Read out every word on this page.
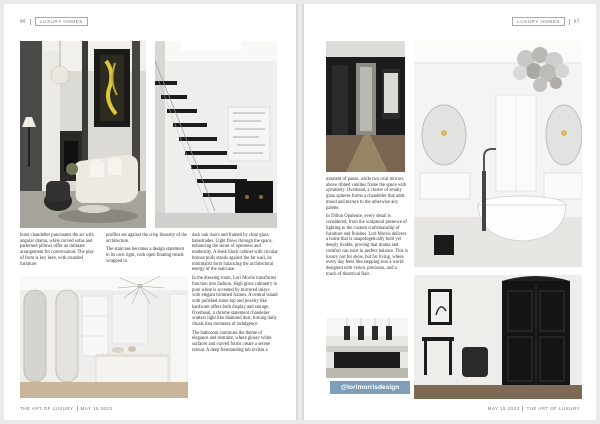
96	LUXURY HOMES

burst chandelier punctuates the air with angular drama, while curved sofas and patterned pillows offer an intimate arrangement for conversation. The play of form is key here, with rounded furniture

profiles set against the crisp linearity of the architecture.

The staircase becomes a design statement in its own right, with open floating treads wrapped in

dark oak risers and framed by clear glass balustrades. Light flows through the space, enhancing the sense of openness and modernity. A sleek black cabinet with circular bronze pulls stands against the far wall, its minimalist form balancing the architectural energy of the staircase.

In the dressing room, Lori Morris transforms function into fashion. High gloss cabinetry in pure white is accented by mirrored inlays with elegant trimmed frames. A central island with polished stone top and jewelry like hardware offers both display and storage. Overhead, a chrome statement chandelier scatters light like diamond dust, turning daily rituals into moments of indulgence.

The bathroom continues the theme of elegance and restraint, where glossy white surfaces and curved forms create a serene retreat. A deep freestanding tub invites a

THE ART OF LUXURY MAY 15 2023
LUXURY HOMES	97

moment of pause, while two oval mirrors above ribbed vanities frame the space with symmetry. Overhead, a cluster of smoky glass spheres forms a chandelier that adds mood and texture to the otherwise airy palette.

In Dillon Opulence, every detail is considered, from the sculptural presence of lighting to the custom craftsmanship of furniture and finishes. Lori Morris delivers a home that is unapologetically bold yet deeply livable, proving that drama and comfort can exist in perfect balance. This is luxury not for show, but for living, where every day feels like stepping into a world designed with vision, precision, and a touch of theatrical flair.

@lorimorrisdesign
MAY 15 2023 THE ART OF LUXURY
